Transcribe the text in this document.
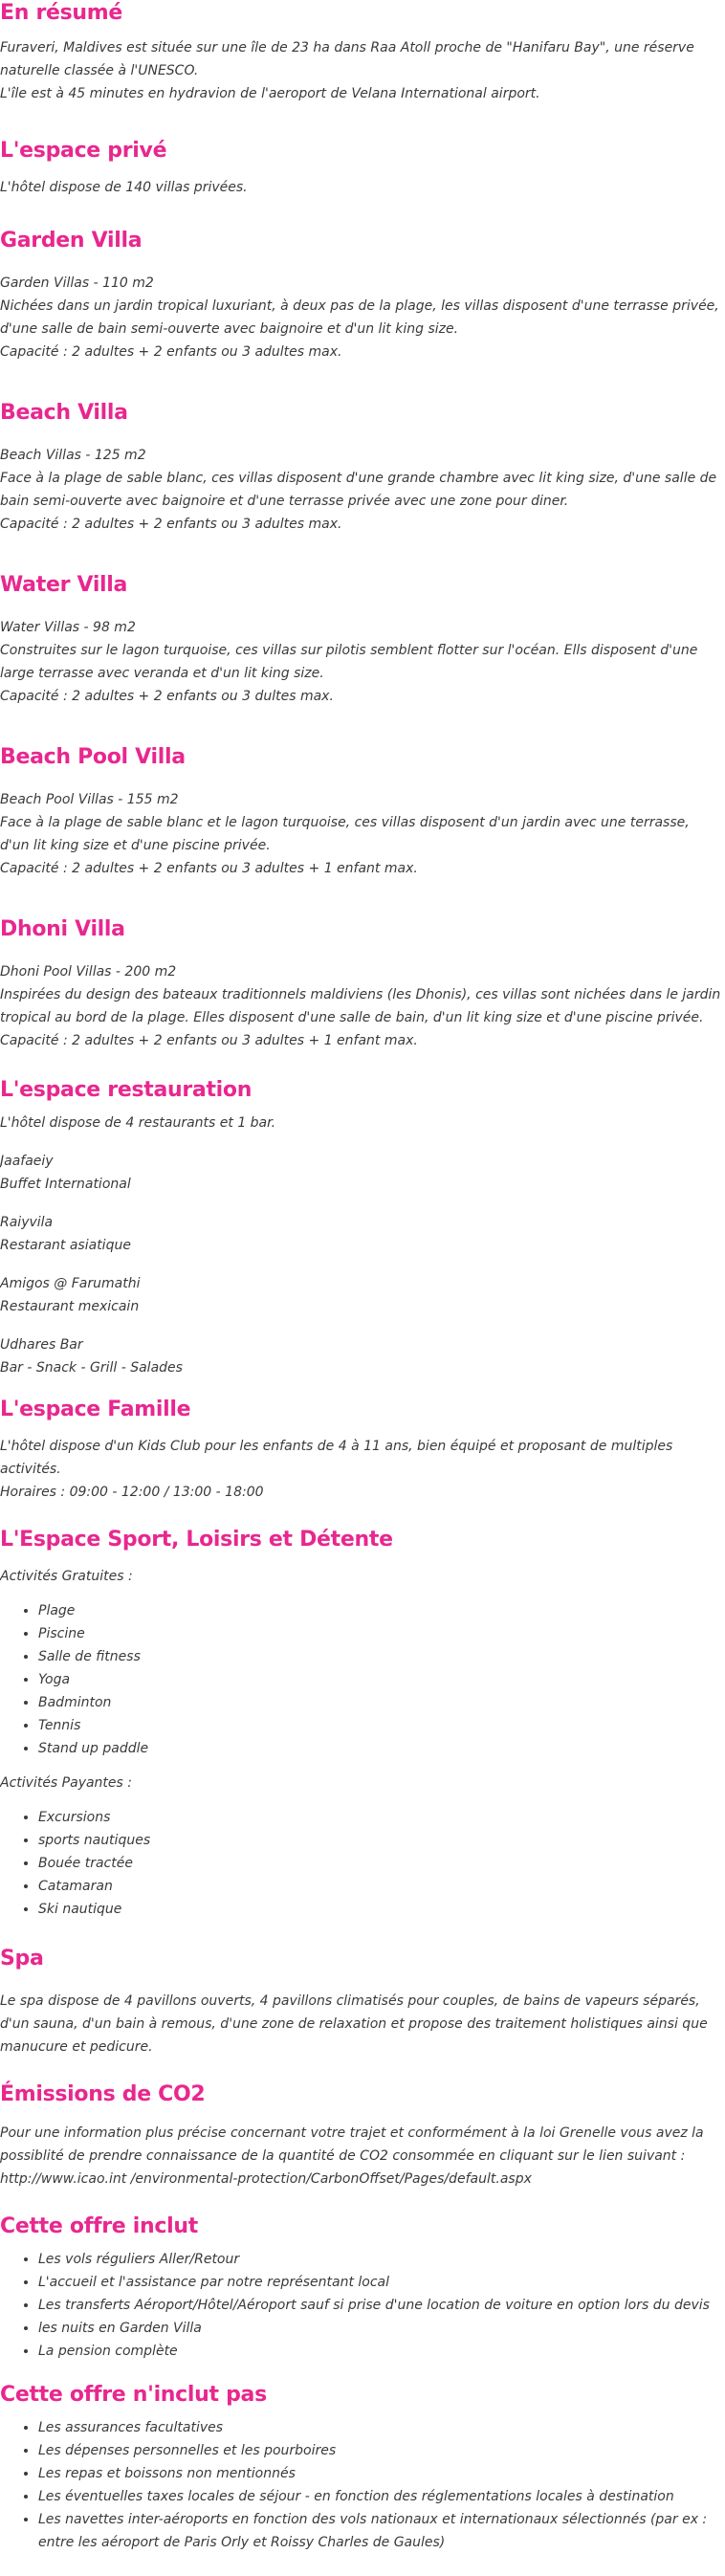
En résumé

Furaveri, Maldives est située sur une île de 23 ha dans Raa Atoll proche de "Hanifaru Bay", une réserve naturelle classée à l'UNESCO.

L'île est à 45 minutes en hydravion de l'aeroport de Velana International airport.

L'espace privé

L'hôtel dispose de 140 villas privées.

Garden Villa

Garden Villas - 110 m2

Nichées dans un jardin tropical luxuriant, à deux pas de la plage, les villas disposent d'une terrasse privée, d'une salle de bain semi-ouverte avec baignoire et d'un lit king size.

Capacité : 2 adultes + 2 enfants ou 3 adultes max.

Beach Villa

Beach Villas - 125 m2

Face à la plage de sable blanc, ces villas disposent d'une grande chambre avec lit king size, d'une salle de bain semi-ouverte avec baignoire et d'une terrasse privée avec une zone pour diner.

Capacité : 2 adultes + 2 enfants ou 3 adultes max.

Water Villa

Water Villas - 98 m2

Construites sur le lagon turquoise, ces villas sur pilotis semblent flotter sur l'océan. Ells disposent d'une large terrasse avec veranda et d'un lit king size.

Capacité : 2 adultes + 2 enfants ou 3 dultes max.

Beach Pool Villa

Beach Pool Villas - 155 m2

Face à la plage de sable blanc et le lagon turquoise, ces villas disposent d'un jardin avec une terrasse, d'un lit king size et d'une piscine privée.

Capacité : 2 adultes + 2 enfants ou 3 adultes + 1 enfant max.

Dhoni Villa

Dhoni Pool Villas - 200 m2

Inspirées du design des bateaux traditionnels maldiviens (les Dhonis), ces villas sont nichées dans le jardin tropical au bord de la plage. Elles disposent d'une salle de bain, d'un lit king size et d'une piscine privée.

Capacité : 2 adultes + 2 enfants ou 3 adultes + 1 enfant max.

L'espace restauration

L'hôtel dispose de 4 restaurants et 1 bar.

Jaafaeiy

Buffet International

Raiyvila

Restarant asiatique

Amigos @ Farumathi

Restaurant mexicain

Udhares Bar

Bar - Snack - Grill - Salades

L'espace Famille

L'hôtel dispose d'un Kids Club pour les enfants de 4 à 11 ans, bien équipé et proposant de multiples activités.

Horaires : 09:00 - 12:00 / 13:00 - 18:00

L'Espace Sport, Loisirs et Détente

Activités Gratuites :

• Plage
• Piscine
• Salle de fitness
• Yoga
• Badminton
• Tennis
• Stand up paddle

Activités Payantes :

• Excursions
• sports nautiques
• Bouée tractée
• Catamaran
• Ski nautique
Spa

Le spa dispose de 4 pavillons ouverts, 4 pavillons climatisés pour couples, de bains de vapeurs séparés, d'un sauna, d'un bain à remous, d'une zone de relaxation et propose des traitement holistiques ainsi que manucure et pedicure.

Émissions de CO2

Pour une information plus précise concernant votre trajet et conformément à la loi Grenelle vous avez la possiblité de prendre connaissance de la quantité de CO2 consommée en cliquant sur le lien suivant : http://www.icao.int /environmental-protection/CarbonOffset/Pages/default.aspx

Cette offre inclut
• Les vols réguliers Aller/Retour
• L'accueil et l'assistance par notre représentant local
• Les transferts Aéroport/Hôtel/Aéroport sauf si prise d'une location de voiture en option lors du devis
• les nuits en Garden Villa
• La pension complète
Cette offre n'inclut pas
• Les assurances facultatives
• Les dépenses personnelles et les pourboires
• Les repas et boissons non mentionnés
• Les éventuelles taxes locales de séjour - en fonction des réglementations locales à destination
• Les navettes inter-aéroports en fonction des vols nationaux et internationaux sélectionnés (par ex : entre les aéroport de Paris Orly et Roissy Charles de Gaules)
